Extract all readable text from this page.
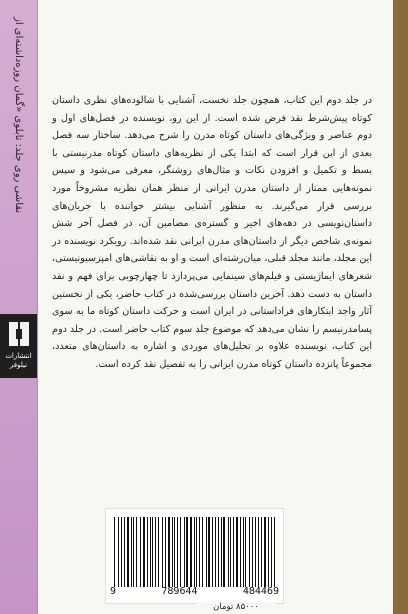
نقاشی روی جلد: تابلوی «گمان روزه‌داشته‌ای از
انتشارات نیلوفر
در جلد دوم این کتاب، همچون جلد نخست، آشنایی با شالوده‌های نظری داستان کوتاه پیش‌شرط نقد فرض شده است. از این رو، نویسنده در فصل‌های اول و دوم عناصر و ویژگی‌های داستان کوتاه مدرن را شرح می‌دهد. ساختار سه فصل بعدی از این قرار است که ابتدا یکی از نظریه‌های داستان کوتاه مدرنیستی با بسط و تکمیل و افزودن نکات و مثال‌های روشنگر، معرفی می‌شود و سپس نمونه‌هایی ممتاز از داستان مدرن ایرانی از منظر همان نظریه مشروحاً مورد بررسی قرار می‌گیرند. به منظور آشنایی بیشتر خواننده با جریان‌های داستان‌نویسی در دهه‌های اخیر و گستره‌ی مضامین آن، در فصل آخر شش نمونه‌ی شاخص دیگر از داستان‌های مدرن ایرانی نقد شده‌اند. رویکرد نویسنده در این مجلد، مانند مجلد قبلی، میان‌رشته‌ای است و او به نقاشی‌های امپرسیونیستی، شعرهای ایماژیستی و فیلم‌های سینمایی می‌پردازد تا چهارچوبی برای فهم و نقد داستان به دست دهد. آخرین داستان بررسی‌شده در کتاب حاضر، یکی از نخستین آثار واجد ابتکارهای فراداستانی در ایران است و حرکت داستان کوتاه ما به سوی پسامدرنیسم را نشان می‌دهد که موضوع جلد سوم کتاب حاضر است. در جلد دوم این کتاب، نویسنده علاوه بر تحلیل‌های موردی و اشاره به داستان‌های متعدد، مجموعاً پانزده داستان کوتاه مدرن ایرانی را به تفصیل نقد کرده است.
9	789644	484469
۸۵۰۰۰ تومان
